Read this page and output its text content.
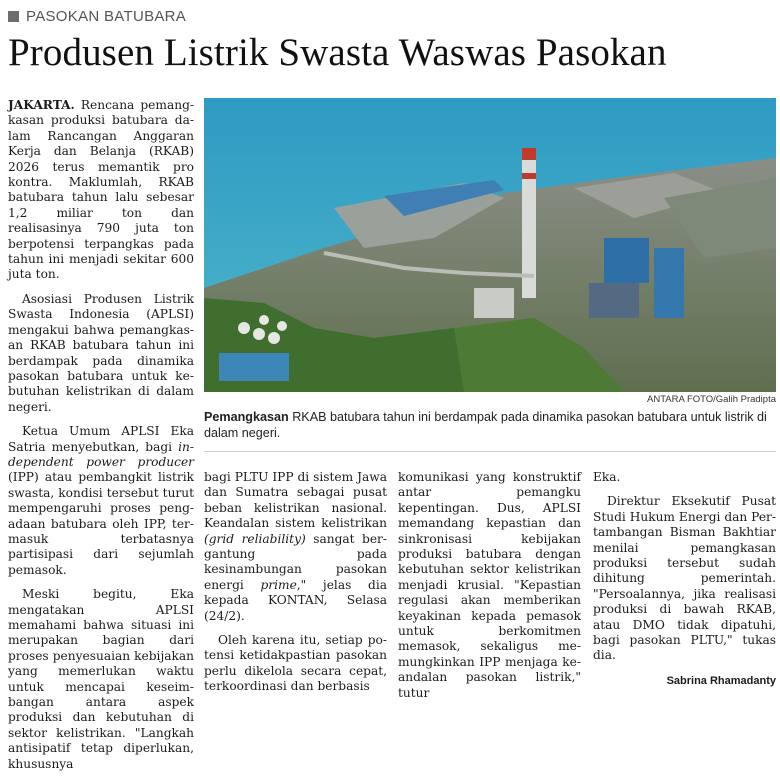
PASOKAN BATUBARA
Produsen Listrik Swasta Waswas Pasokan

JAKARTA. Rencana pemangkasan produksi batubara dalam Rancangan Anggaran Kerja dan Belanja (RKAB) 2026 terus memantik pro kontra. Maklumlah, RKAB batubara tahun lalu sebesar 1,2 miliar ton dan realisasinya 790 juta ton berpotensi terpangkas pada tahun ini menjadi sekitar 600 juta ton.

Asosiasi Produsen Listrik Swasta Indonesia (APLSI) mengakui bahwa pemangkasan RKAB batubara tahun ini berdampak pada dinamika pasokan batubara untuk kebutuhan kelistrikan di dalam negeri.

Ketua Umum APLSI Eka Satria menyebutkan, bagi independent power producer (IPP) atau pembangkit listrik swasta, kondisi tersebut turut mempengaruhi proses pengadaan batubara oleh IPP, termasuk terbatasnya partisipasi dari sejumlah pemasok.

Meski begitu, Eka mengatakan APLSI memahami bahwa situasi ini merupakan bagian dari proses penyesuaian kebijakan yang memerlukan waktu untuk mencapai keseimbangan antara aspek produksi dan kebutuhan di sektor kelistrikan. "Langkah antisipatif tetap diperlukan, khususnya

ANTARA FOTO/Galih Pradipta
Pemangkasan RKAB batubara tahun ini berdampak pada dinamika pasokan batubara untuk listrik di dalam negeri.

bagi PLTU IPP di sistem Jawa dan Sumatra sebagai pusat beban kelistrikan nasional. Keandalan sistem kelistrikan (grid reliability) sangat bergantung pada kesinambungan pasokan energi prime," jelas dia kepada KONTAN, Selasa (24/2).

Oleh karena itu, setiap potensi ketidakpastian pasokan perlu dikelola secara cepat, terkoordinasi dan berbasis

komunikasi yang konstruktif antar pemangku kepentingan. Dus, APLSI memandang kepastian dan sinkronisasi kebijakan produksi batubara dengan kebutuhan sektor kelistrikan menjadi krusial. "Kepastian regulasi akan memberikan keyakinan kepada pemasok untuk berkomitmen memasok, sekaligus memungkinkan IPP menjaga keandalan pasokan listrik," tutur

Eka.

Direktur Eksekutif Pusat Studi Hukum Energi dan Pertambangan Bisman Bakhtiar menilai pemangkasan produksi tersebut sudah dihitung pemerintah. "Persoalannya, jika realisasi produksi di bawah RKAB, atau DMO tidak dipatuhi, bagi pasokan PLTU," tukas dia.

Sabrina Rhamadanty
